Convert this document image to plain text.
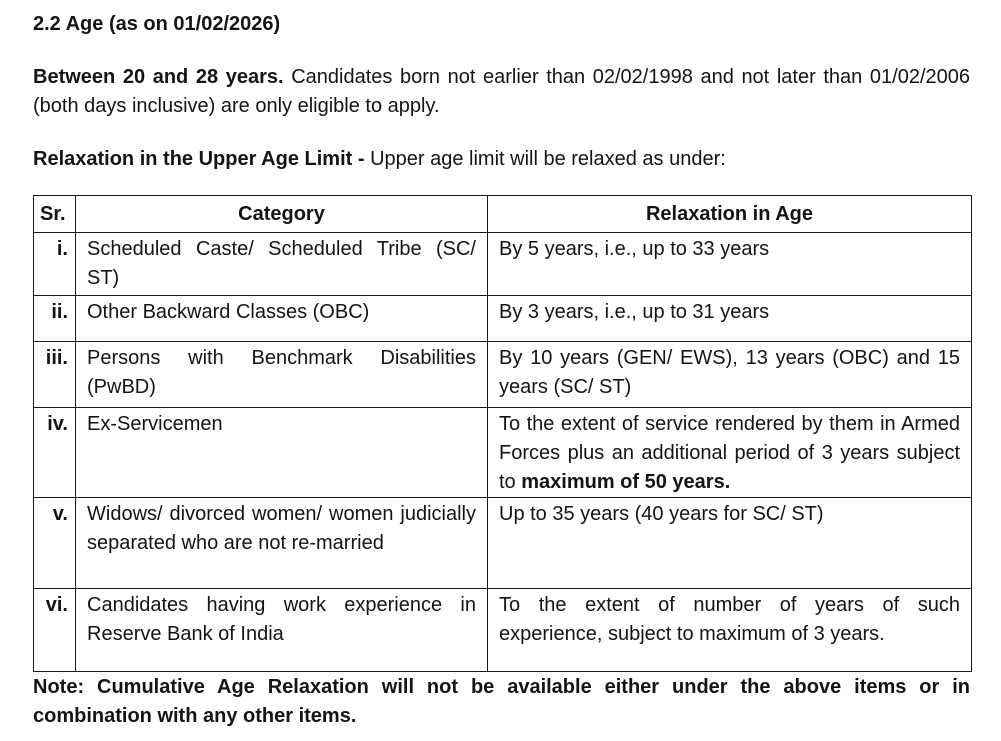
2.2 Age (as on 01/02/2026)
Between 20 and 28 years. Candidates born not earlier than 02/02/1998 and not later than 01/02/2006 (both days inclusive) are only eligible to apply.
Relaxation in the Upper Age Limit - Upper age limit will be relaxed as under:
Sr.	Category	Relaxation in Age
i.	Scheduled Caste/ Scheduled Tribe (SC/ ST)	By 5 years, i.e., up to 33 years
ii.	Other Backward Classes (OBC)	By 3 years, i.e., up to 31 years
iii.	Persons with Benchmark Disabilities (PwBD)	By 10 years (GEN/ EWS), 13 years (OBC) and 15 years (SC/ ST)
iv.	Ex-Servicemen	To the extent of service rendered by them in Armed Forces plus an additional period of 3 years subject to maximum of 50 years.
v.	Widows/ divorced women/ women judicially separated who are not re-married	Up to 35 years (40 years for SC/ ST)
vi.	Candidates having work experience in Reserve Bank of India	To the extent of number of years of such experience, subject to maximum of 3 years.
Note: Cumulative Age Relaxation will not be available either under the above items or in combination with any other items.
